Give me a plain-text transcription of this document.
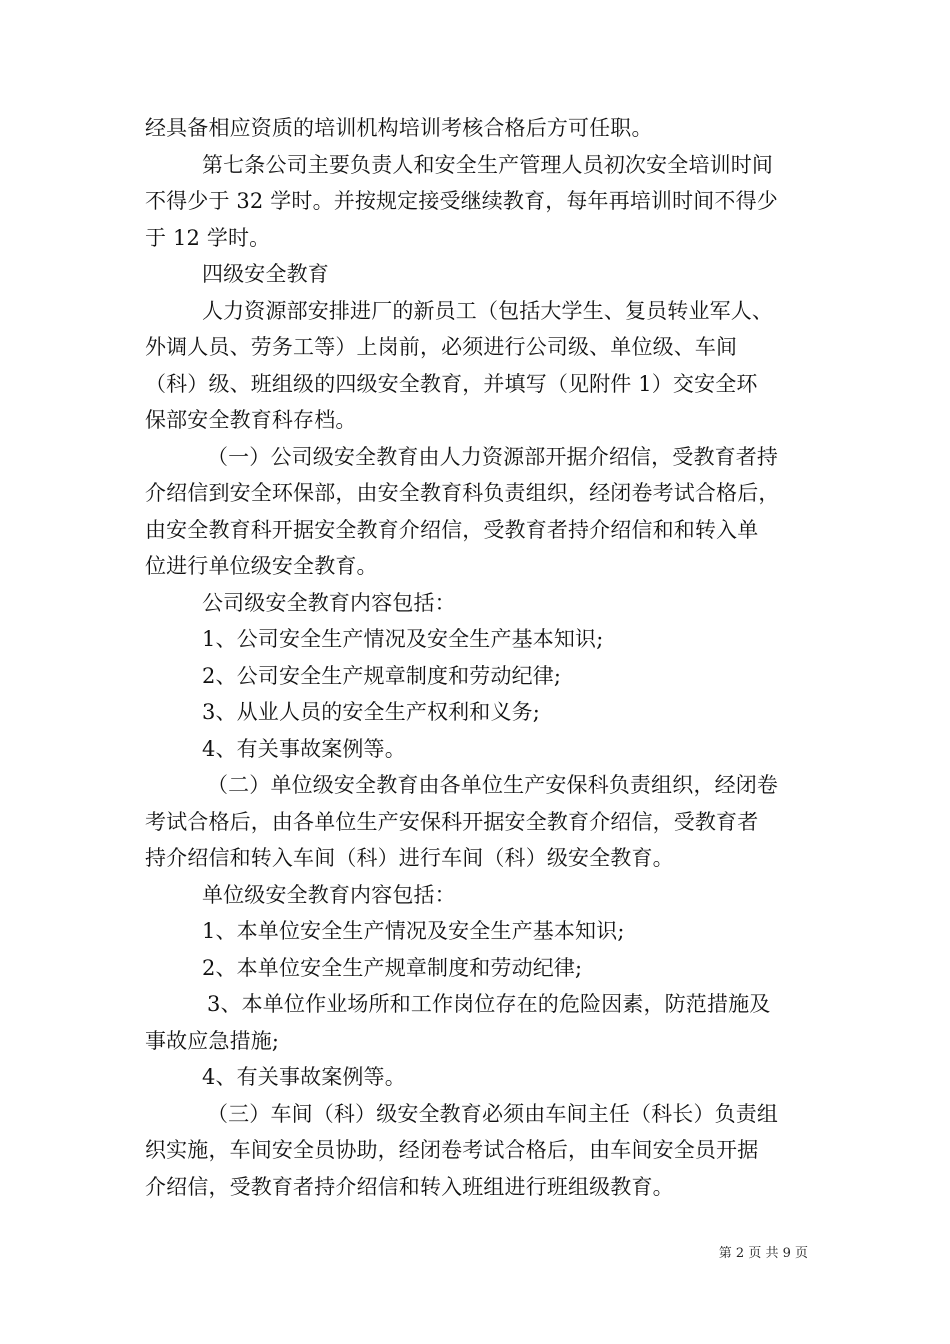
经具备相应资质的培训机构培训考核合格后方可任职。
第七条公司主要负责人和安全生产管理人员初次安全培训时间
不得少于 32 学时。并按规定接受继续教育，每年再培训时间不得少
于 12 学时。
四级安全教育
人力资源部安排进厂的新员工（包括大学生、复员转业军人、
外调人员、劳务工等）上岗前，必须进行公司级、单位级、车间
（科）级、班组级的四级安全教育，并填写（见附件 1）交安全环
保部安全教育科存档。
（一）公司级安全教育由人力资源部开据介绍信，受教育者持
介绍信到安全环保部，由安全教育科负责组织，经闭卷考试合格后，
由安全教育科开据安全教育介绍信，受教育者持介绍信和和转入单
位进行单位级安全教育。
公司级安全教育内容包括：
1、公司安全生产情况及安全生产基本知识;
2、公司安全生产规章制度和劳动纪律;
3、从业人员的安全生产权利和义务;
4、有关事故案例等。
（二）单位级安全教育由各单位生产安保科负责组织，经闭卷
考试合格后，由各单位生产安保科开据安全教育介绍信，受教育者
持介绍信和转入车间（科）进行车间（科）级安全教育。
单位级安全教育内容包括：
1、本单位安全生产情况及安全生产基本知识;
2、本单位安全生产规章制度和劳动纪律;
3、本单位作业场所和工作岗位存在的危险因素，防范措施及
事故应急措施;
4、有关事故案例等。
（三）车间（科）级安全教育必须由车间主任（科长）负责组
织实施，车间安全员协助，经闭卷考试合格后，由车间安全员开据
介绍信，受教育者持介绍信和转入班组进行班组级教育。
第 2 页 共 9 页
